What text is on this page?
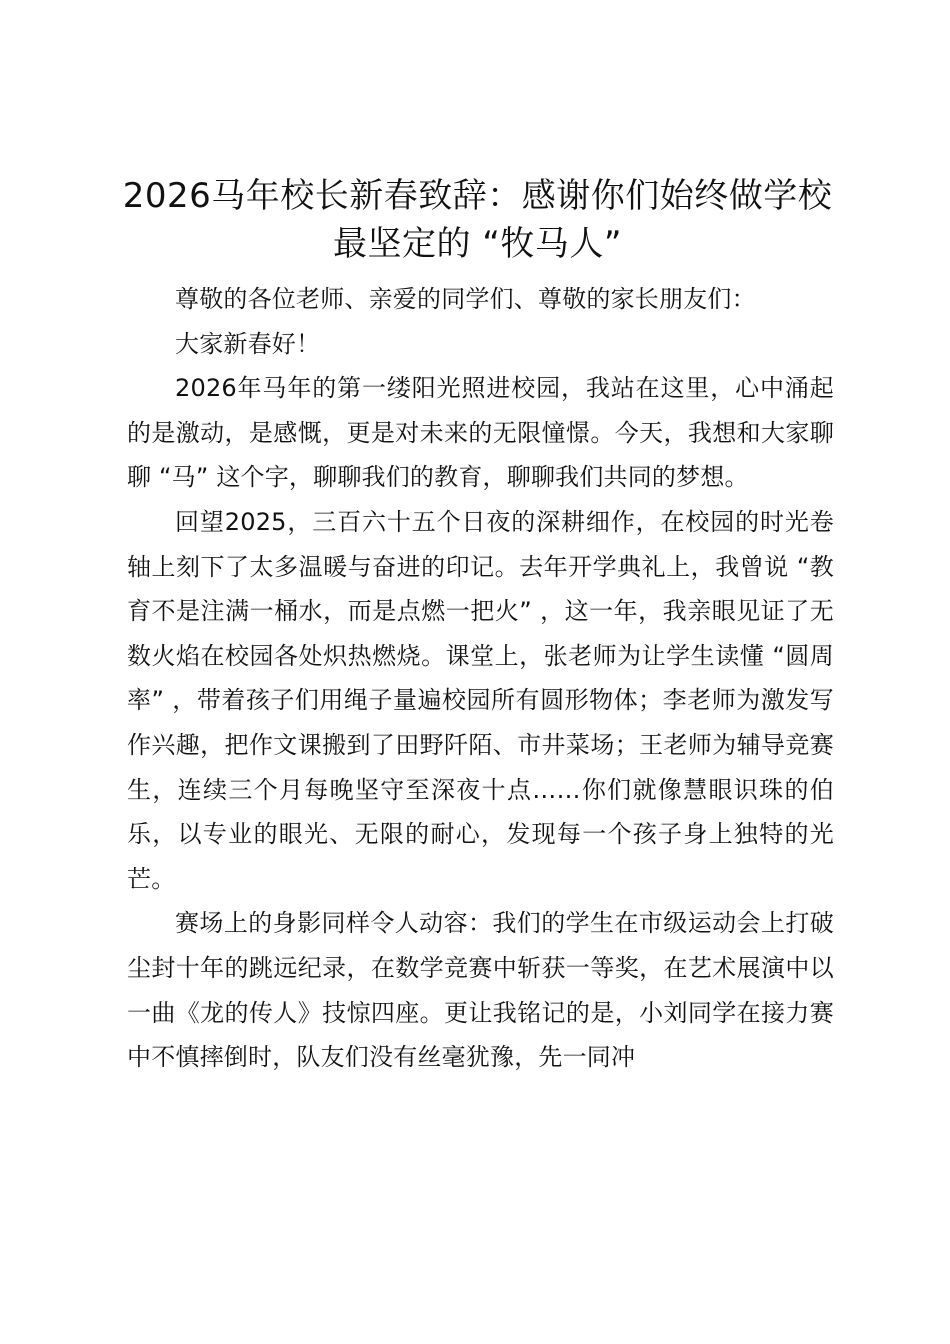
2026马年校长新春致辞：感谢你们始终做学校最坚定的 “牧马人”

尊敬的各位老师、亲爱的同学们、尊敬的家长朋友们：

大家新春好！

2026年马年的第一缕阳光照进校园，我站在这里，心中涌起的是激动，是感慨，更是对未来的无限憧憬。今天，我想和大家聊聊 “马” 这个字，聊聊我们的教育，聊聊我们共同的梦想。

回望2025，三百六十五个日夜的深耕细作，在校园的时光卷轴上刻下了太多温暖与奋进的印记。去年开学典礼上，我曾说 “教育不是注满一桶水，而是点燃一把火” ，这一年，我亲眼见证了无数火焰在校园各处炽热燃烧。课堂上，张老师为让学生读懂 “圆周率” ，带着孩子们用绳子量遍校园所有圆形物体；李老师为激发写作兴趣，把作文课搬到了田野阡陌、市井菜场；王老师为辅导竞赛生，连续三个月每晚坚守至深夜十点……你们就像慧眼识珠的伯乐，以专业的眼光、无限的耐心，发现每一个孩子身上独特的光芒。

赛场上的身影同样令人动容：我们的学生在市级运动会上打破尘封十年的跳远纪录，在数学竞赛中斩获一等奖，在艺术展演中以一曲《龙的传人》技惊四座。更让我铭记的是，小刘同学在接力赛中不慎摔倒时，队友们没有丝毫犹豫，先一同冲
